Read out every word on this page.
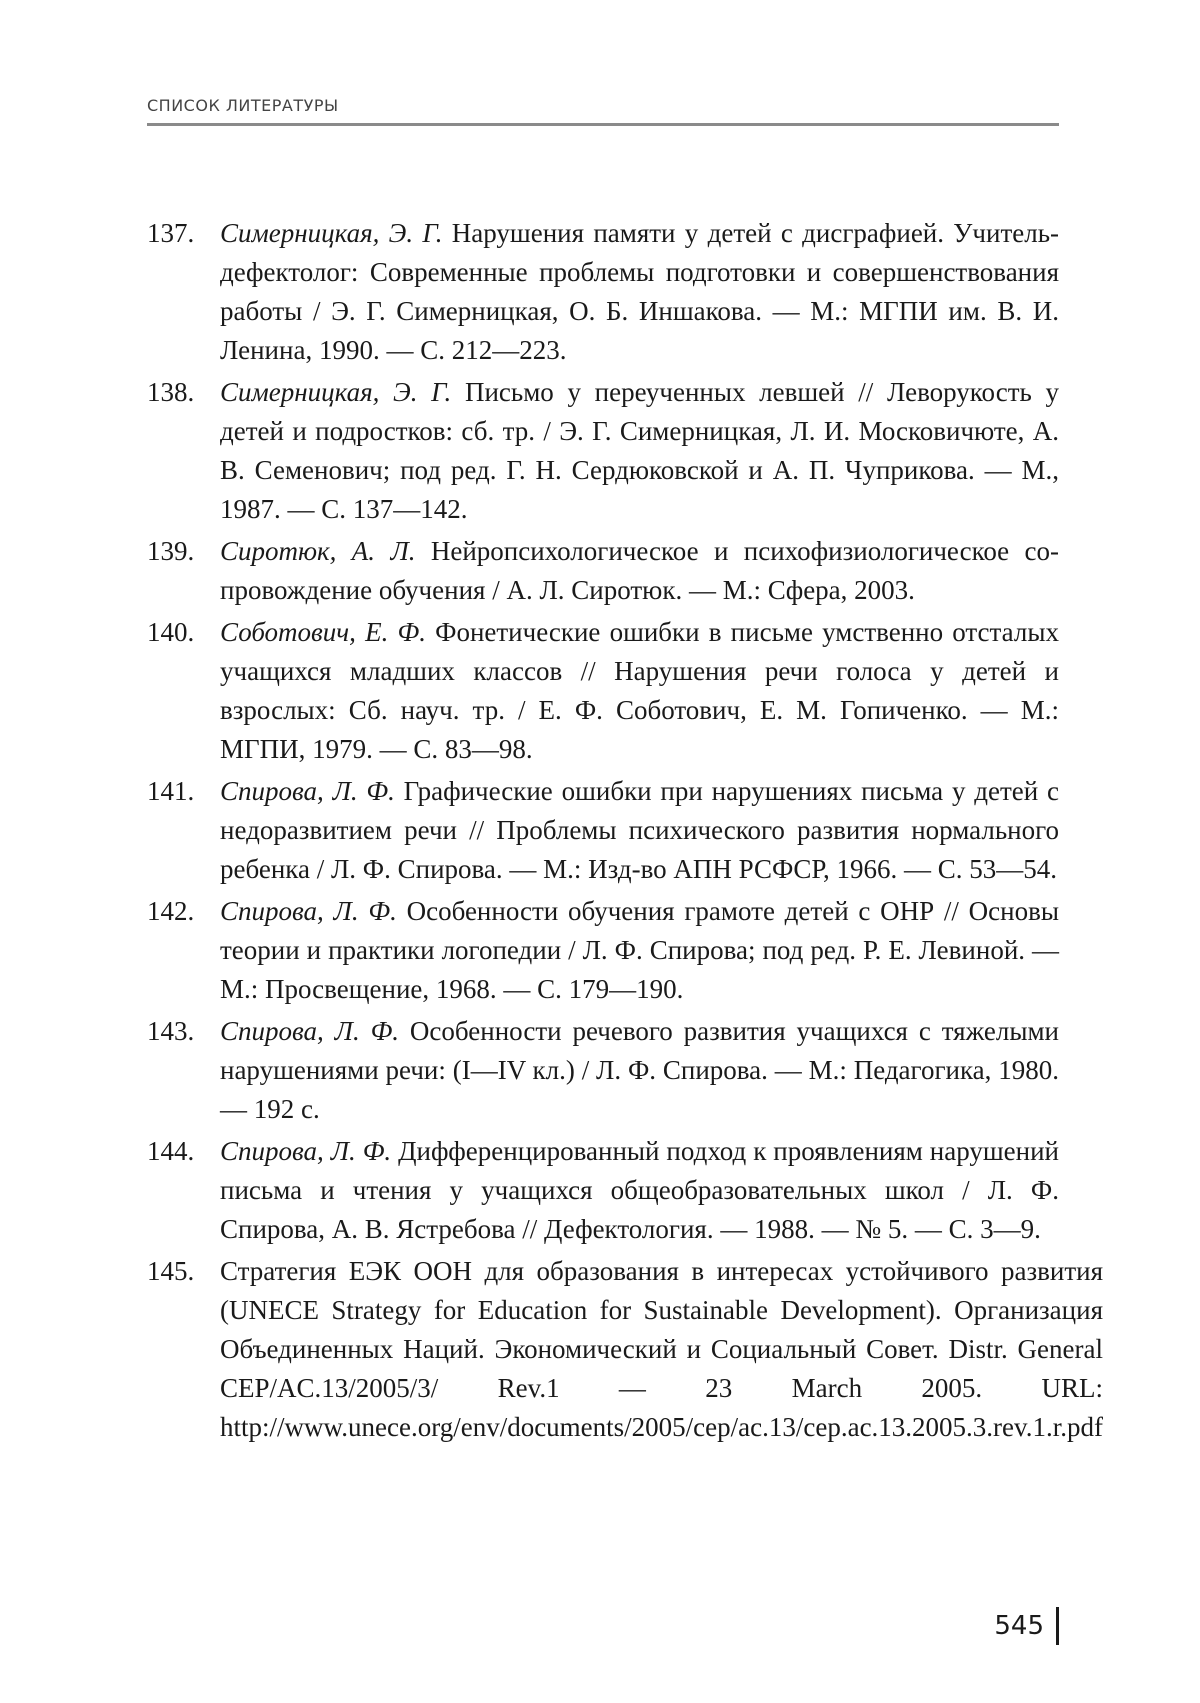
СПИСОК ЛИТЕРАТУРЫ
137. Симерницкая, Э. Г. Нарушения памяти у детей с дисграфией. Учитель-дефектолог: Современные проблемы подготовки и совершенствования работы / Э. Г. Симерницкая, О. Б. Иншакова. — М.: МГПИ им. В. И. Ленина, 1990. — С. 212—223.
138. Симерницкая, Э. Г. Письмо у переученных левшей // Леворукость у детей и подростков: сб. тр. / Э. Г. Симерницкая, Л. И. Московичюте, А. В. Семенович; под ред. Г. Н. Сердюковской и А. П. Чуприкова. — М., 1987. — С. 137—142.
139. Сиротюк, А. Л. Нейропсихологическое и психофизиологическое сопровождение обучения / А. Л. Сиротюк. — М.: Сфера, 2003.
140. Соботович, Е. Ф. Фонетические ошибки в письме умственно отсталых учащихся младших классов // Нарушения речи голоса у детей и взрослых: Сб. науч. тр. / Е. Ф. Соботович, Е. М. Гопиченко. — М.: МГПИ, 1979. — С. 83—98.
141. Спирова, Л. Ф. Графические ошибки при нарушениях письма у детей с недоразвитием речи // Проблемы психического развития нормального ребенка / Л. Ф. Спирова. — М.: Изд-во АПН РСФСР, 1966. — С. 53—54.
142. Спирова, Л. Ф. Особенности обучения грамоте детей с ОНР // Основы теории и практики логопедии / Л. Ф. Спирова; под ред. Р. Е. Левиной. — М.: Просвещение, 1968. — С. 179—190.
143. Спирова, Л. Ф. Особенности речевого развития учащихся с тяжелыми нарушениями речи: (I—IV кл.) / Л. Ф. Спирова. — М.: Педагогика, 1980. — 192 с.
144. Спирова, Л. Ф. Дифференцированный подход к проявлениям нарушений письма и чтения у учащихся общеобразовательных школ / Л. Ф. Спирова, А. В. Ястребова // Дефектология. — 1988. — № 5. — С. 3—9.
145. Стратегия ЕЭК ООН для образования в интересах устойчивого развития (UNECE Strategy for Education for Sustainable Development). Организация Объединенных Наций. Экономический и Социальный Совет. Distr. General CEP/AC.13/2005/3/ Rev.1 — 23 March 2005. URL: http://www.unece.org/env/documents/2005/cep/ac.13/cep.ac.13.2005.3.rev.1.r.pdf
545
